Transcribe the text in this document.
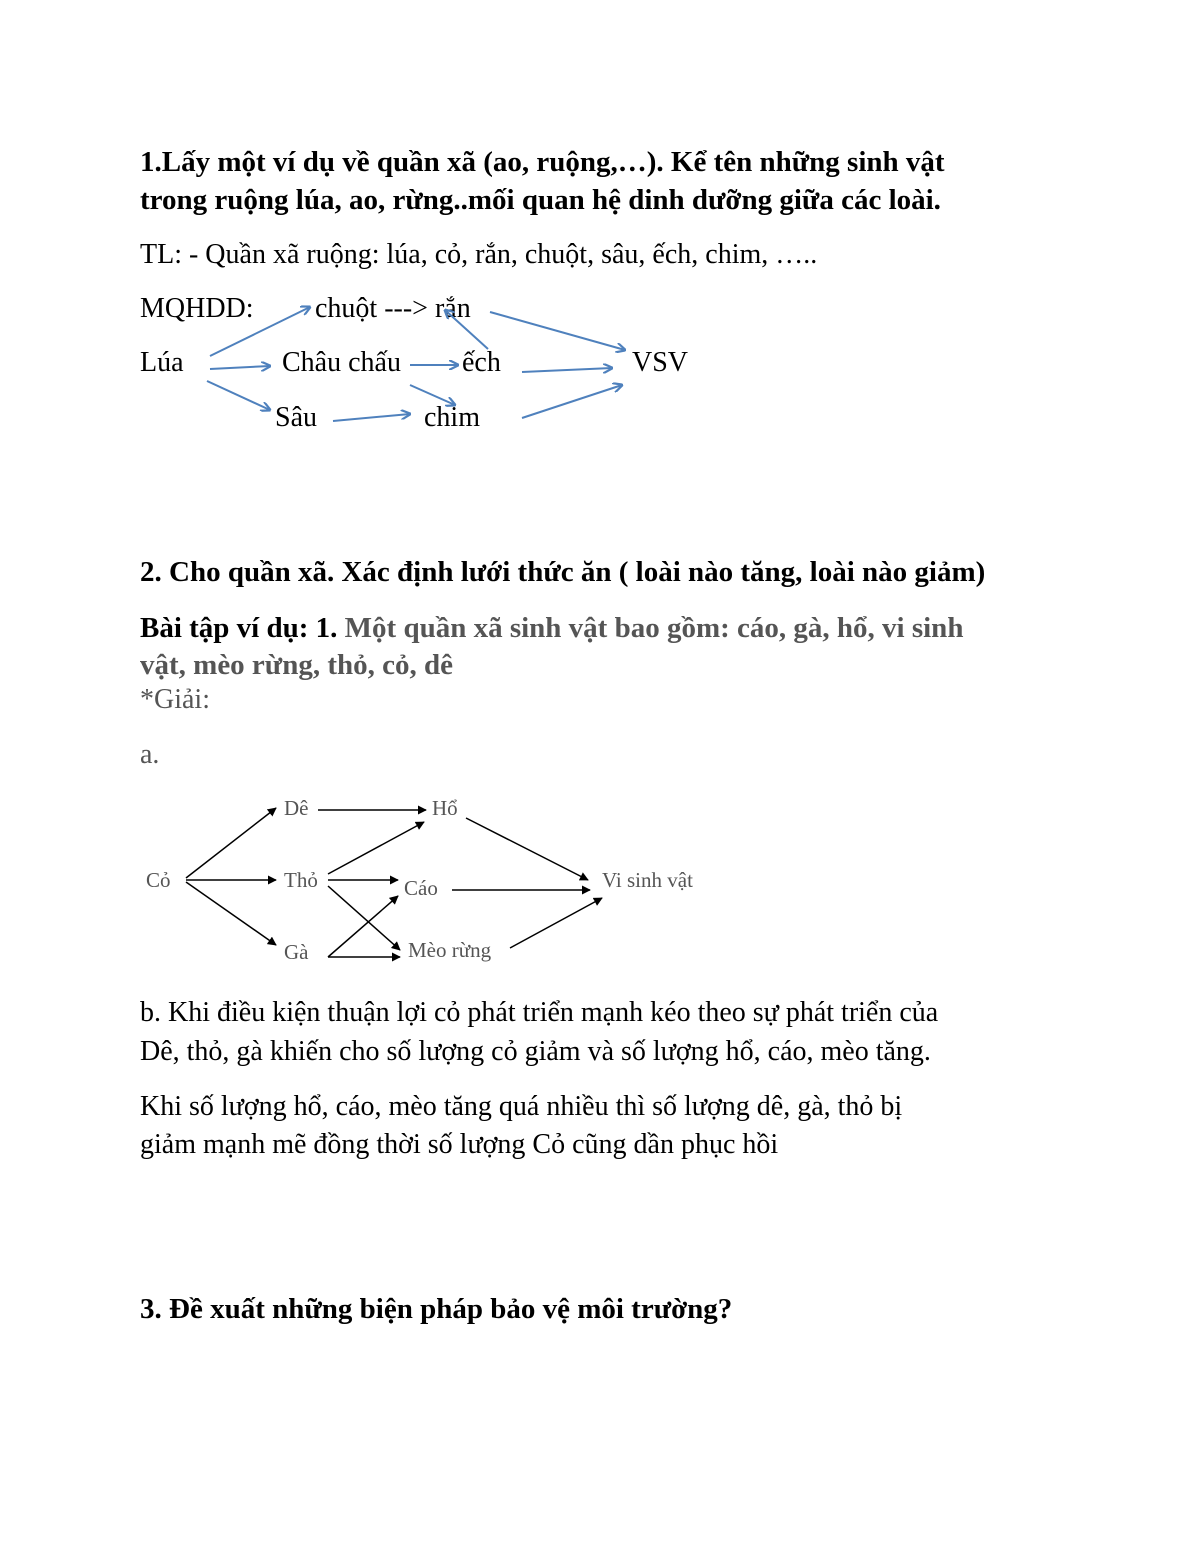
1.Lấy một ví dụ về quần xã (ao, ruộng,…). Kể tên những sinh vật
trong ruộng lúa, ao, rừng..mối quan hệ dinh dưỡng giữa các loài.
TL: - Quần xã ruộng: lúa, cỏ, rắn, chuột, sâu, ếch, chim, …..
MQHDD: chuột ---> rắn
Lúa	Châu chấu ếch	VSV
Sâu	chim
2. Cho quần xã. Xác định lưới thức ăn ( loài nào tăng, loài nào giảm)
Bài tập ví dụ: 1. Một quần xã sinh vật bao gồm: cáo, gà, hổ, vi sinh
vật, mèo rừng, thỏ, cỏ, dê
*Giải:
a.
Cỏ
Dê	Hổ
Thỏ	Cáo	Vi sinh vật
Gà	Mèo rừng
b. Khi điều kiện thuận lợi cỏ phát triển mạnh kéo theo sự phát triển của
Dê, thỏ, gà khiến cho số lượng cỏ giảm và số lượng hổ, cáo, mèo tăng.
Khi số lượng hổ, cáo, mèo tăng quá nhiều thì số lượng dê, gà, thỏ bị
giảm mạnh mẽ đồng thời số lượng Cỏ cũng dần phục hồi
3. Đề xuất những biện pháp bảo vệ môi trường?
